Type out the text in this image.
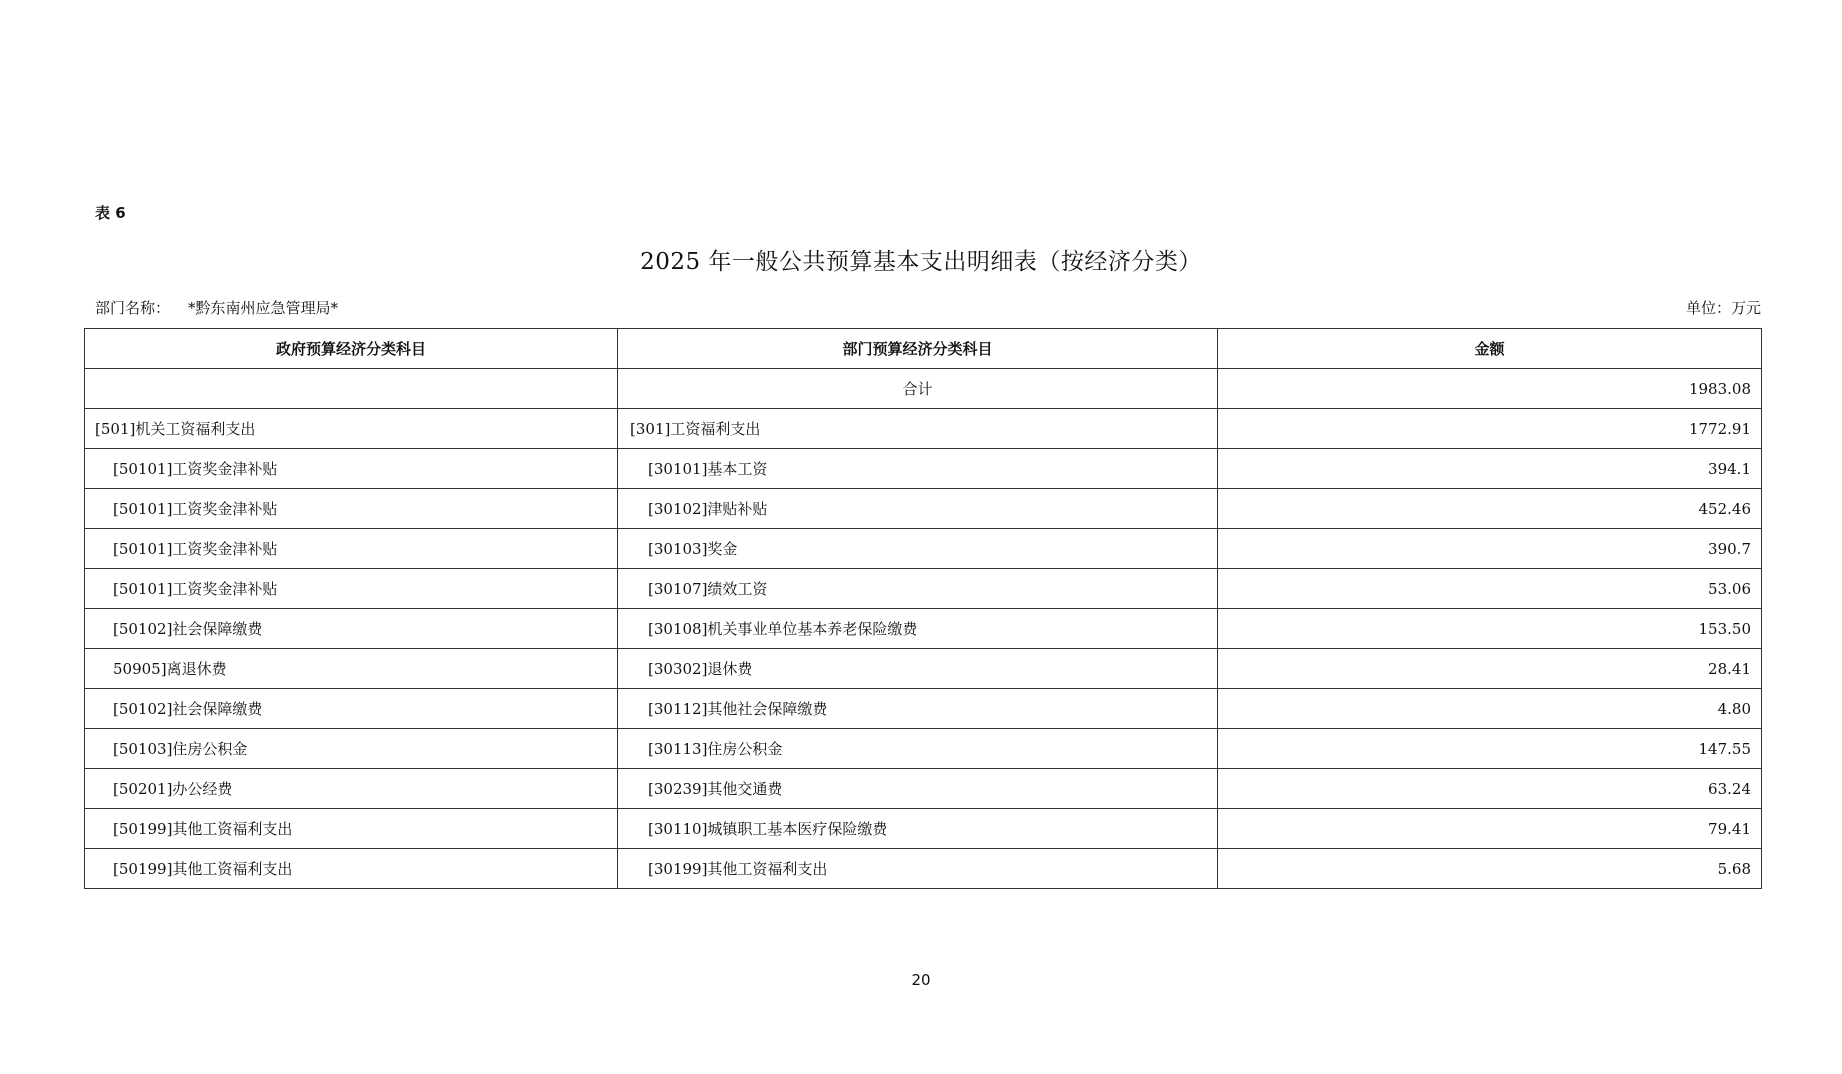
表 6
2025 年一般公共预算基本支出明细表（按经济分类）
部门名称： *黔东南州应急管理局*	单位：万元
政府预算经济分类科目	部门预算经济分类科目	金额
	合计	1983.08
[501]机关工资福利支出	[301]工资福利支出	1772.91
[50101]工资奖金津补贴	[30101]基本工资	394.1
[50101]工资奖金津补贴	[30102]津贴补贴	452.46
[50101]工资奖金津补贴	[30103]奖金	390.7
[50101]工资奖金津补贴	[30107]绩效工资	53.06
[50102]社会保障缴费	[30108]机关事业单位基本养老保险缴费	153.50
50905]离退休费	[30302]退休费	28.41
[50102]社会保障缴费	[30112]其他社会保障缴费	4.80
[50103]住房公积金	[30113]住房公积金	147.55
[50201]办公经费	[30239]其他交通费	63.24
[50199]其他工资福利支出	[30110]城镇职工基本医疗保险缴费	79.41
[50199]其他工资福利支出	[30199]其他工资福利支出	5.68
20
